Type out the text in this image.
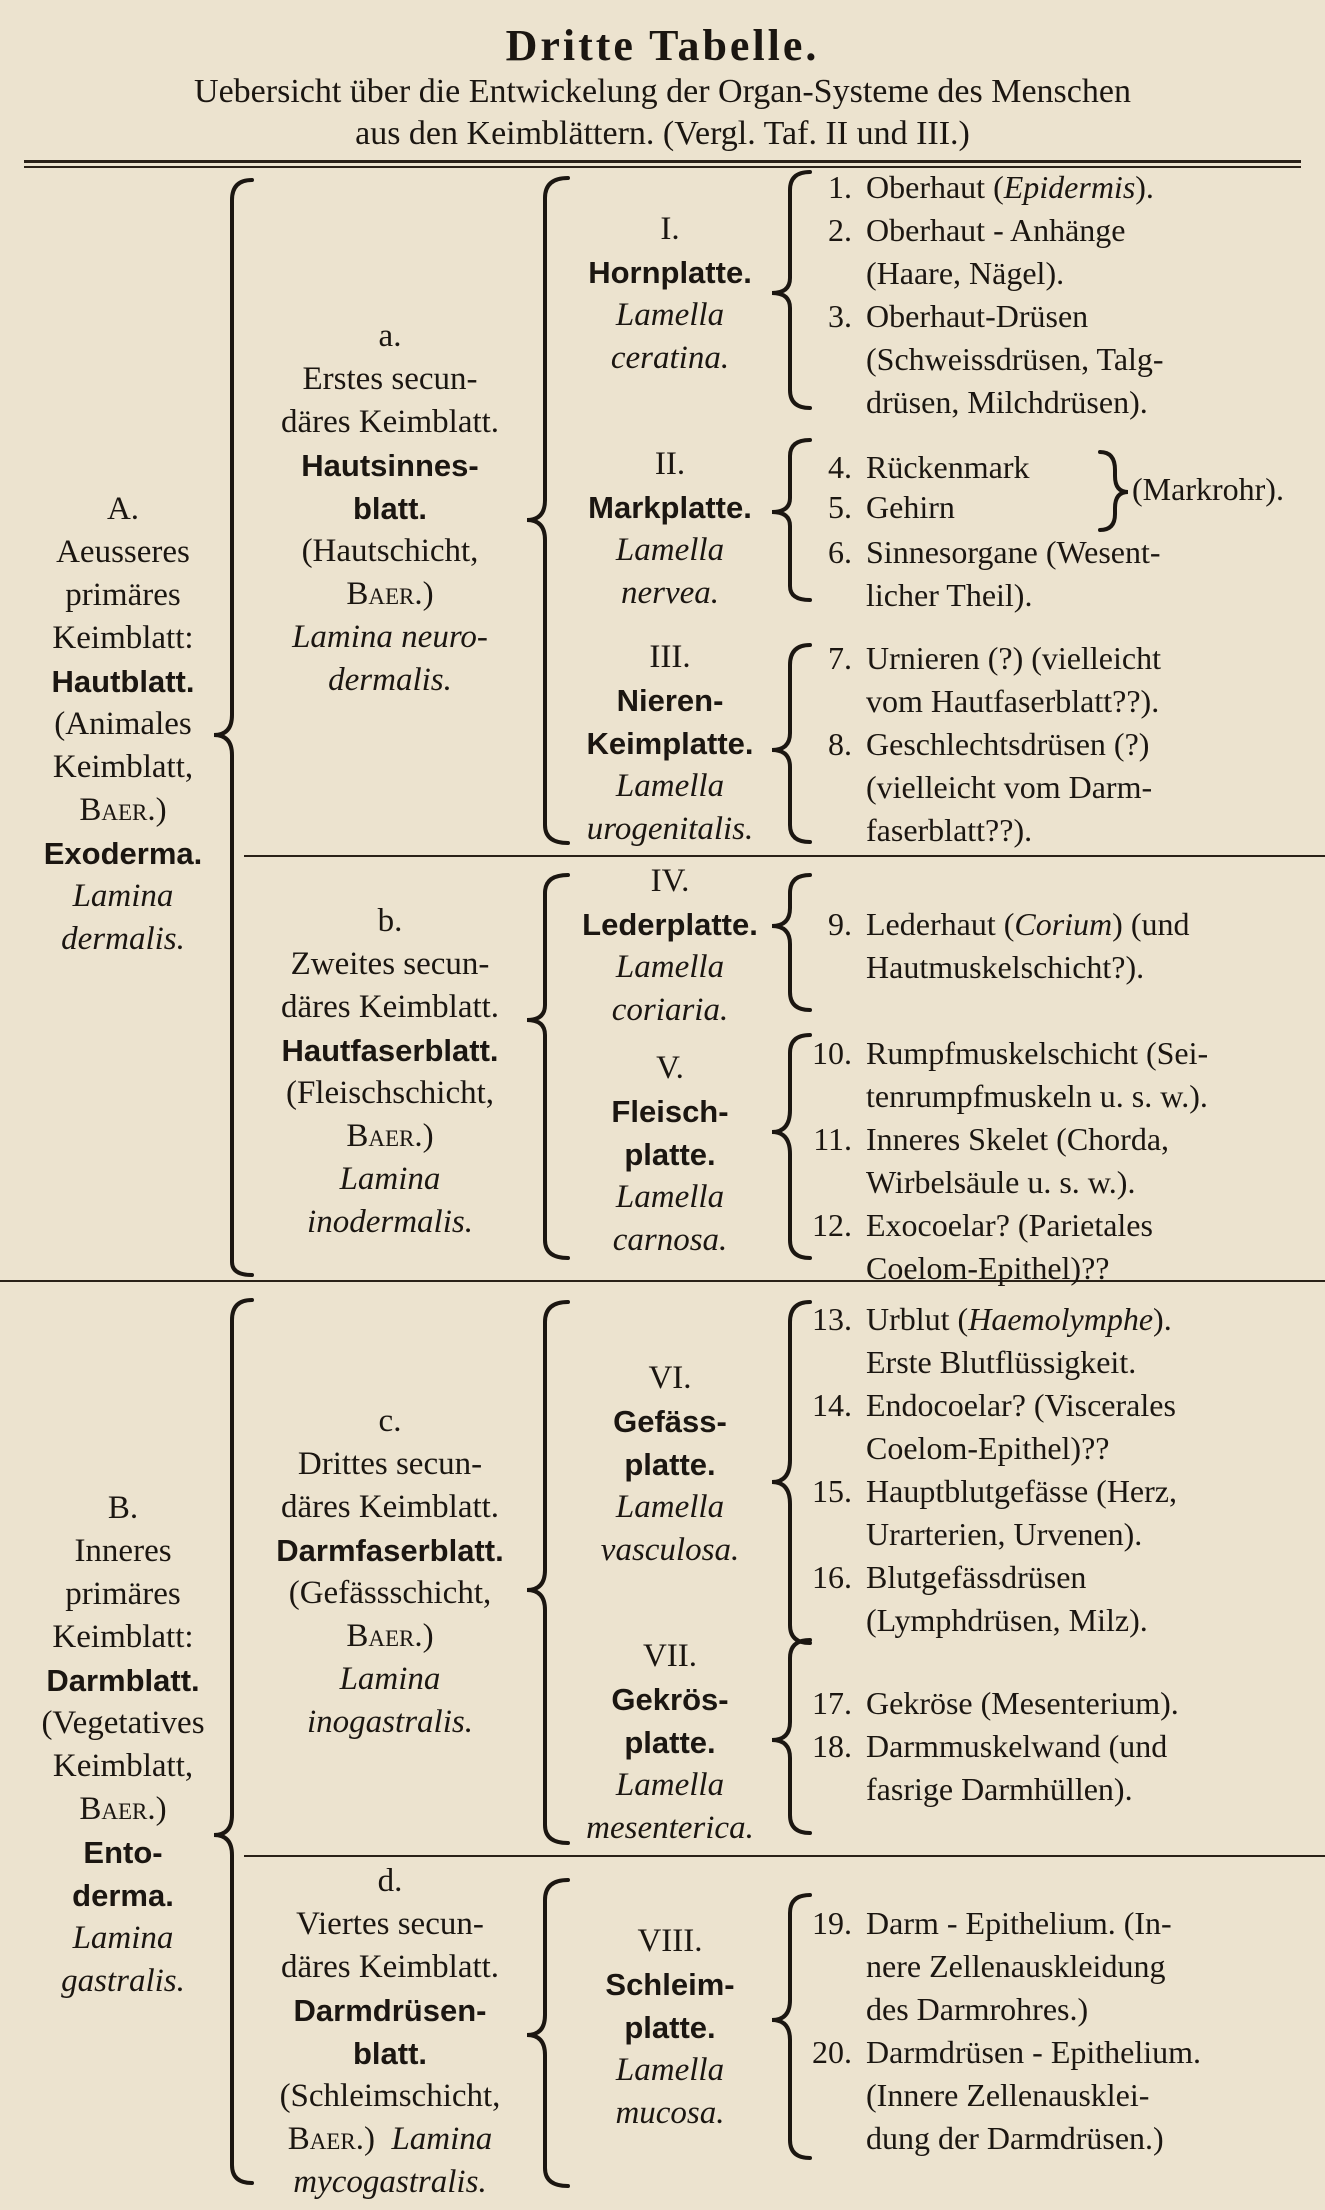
Dritte Tabelle.
Uebersicht über die Entwickelung der Organ-Systeme des Menschen
aus den Keimblättern. (Vergl. Taf. II und III.)
A.
Aeusseres
primäres
Keimblatt:
Hautblatt.
(Animales
Keimblatt,
Baer.)
Exoderma.
Lamina
dermalis.
B.
Inneres
primäres
Keimblatt:
Darmblatt.
(Vegetatives
Keimblatt,
Baer.)
Ento-
derma.
Lamina
gastralis.
a.
Erstes secun-
däres Keimblatt.
Hautsinnes-
blatt.
(Hautschicht,
Baer.)
Lamina neuro-
dermalis.
b.
Zweites secun-
däres Keimblatt.
Hautfaserblatt.
(Fleischschicht,
Baer.)
Lamina
inodermalis.
c.
Drittes secun-
däres Keimblatt.
Darmfaserblatt.
(Gefässschicht,
Baer.)
Lamina
inogastralis.
d.
Viertes secun-
däres Keimblatt.
Darmdrüsen-
blatt.
(Schleimschicht,
Baer.) Lamina
mycogastralis.
I.
Hornplatte.
Lamella
ceratina.
II.
Markplatte.
Lamella
nervea.
III.
Nieren-
Keimplatte.
Lamella
urogenitalis.
IV.
Lederplatte.
Lamella
coriaria.
V.
Fleisch-
platte.
Lamella
carnosa.
VI.
Gefäss-
platte.
Lamella
vasculosa.
VII.
Gekrös-
platte.
Lamella
mesenterica.
VIII.
Schleim-
platte.
Lamella
mucosa.
1. Oberhaut (Epidermis).
2. Oberhaut - Anhänge
(Haare, Nägel).
3. Oberhaut-Drüsen
(Schweissdrüsen, Talg-
drüsen, Milchdrüsen).
4. Rückenmark
5. Gehirn	(Markrohr).
6. Sinnesorgane (Wesent-
licher Theil).
7. Urnieren (?) (vielleicht
vom Hautfaserblatt??).
8. Geschlechtsdrüsen (?)
(vielleicht vom Darm-
faserblatt??).
9. Lederhaut (Corium) (und
Hautmuskelschicht?).
10. Rumpfmuskelschicht (Sei-
tenrumpfmuskeln u. s. w.).
11. Inneres Skelet (Chorda,
Wirbelsäule u. s. w.).
12. Exocoelar? (Parietales
Coelom-Epithel)??
13. Urblut (Haemolymphe).
Erste Blutflüssigkeit.
14. Endocoelar? (Viscerales
Coelom-Epithel)??
15. Hauptblutgefässe (Herz,
Urarterien, Urvenen).
16. Blutgefässdrüsen
(Lymphdrüsen, Milz).
17. Gekröse (Mesenterium).
18. Darmmuskelwand (und
fasrige Darmhüllen).
19. Darm - Epithelium. (In-
nere Zellenauskleidung
des Darmrohres.)
20. Darmdrüsen - Epithelium.
(Innere Zellenausklei-
dung der Darmdrüsen.)
